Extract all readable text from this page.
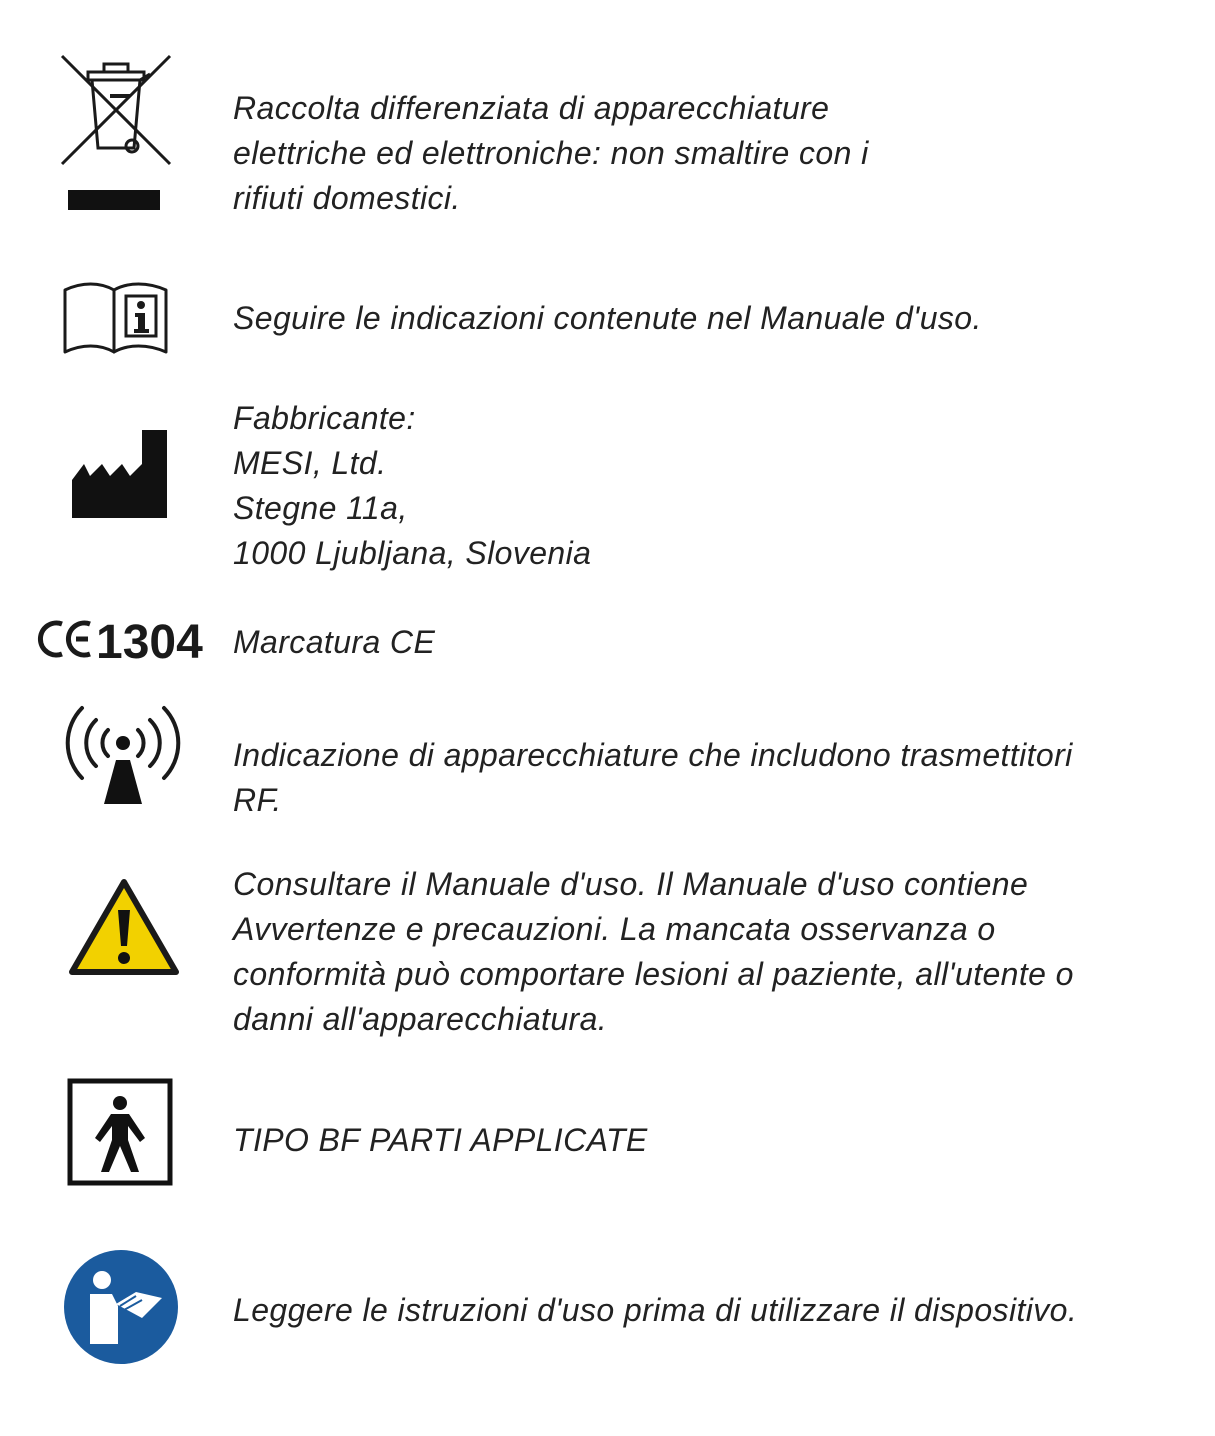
Raccolta differenziata di apparecchiature
elettriche ed elettroniche: non smaltire con i
rifiuti domestici.
Seguire le indicazioni contenute nel Manuale d'uso.
Fabbricante:
MESI, Ltd.
Stegne 11a,
1000 Ljubljana, Slovenia
1304 Marcatura CE
Indicazione di apparecchiature che includono trasmettitori
RF.
Consultare il Manuale d'uso. Il Manuale d'uso contiene
Avvertenze e precauzioni. La mancata osservanza o
conformità può comportare lesioni al paziente, all'utente o
danni all'apparecchiatura.
TIPO BF PARTI APPLICATE
Leggere le istruzioni d'uso prima di utilizzare il dispositivo.
